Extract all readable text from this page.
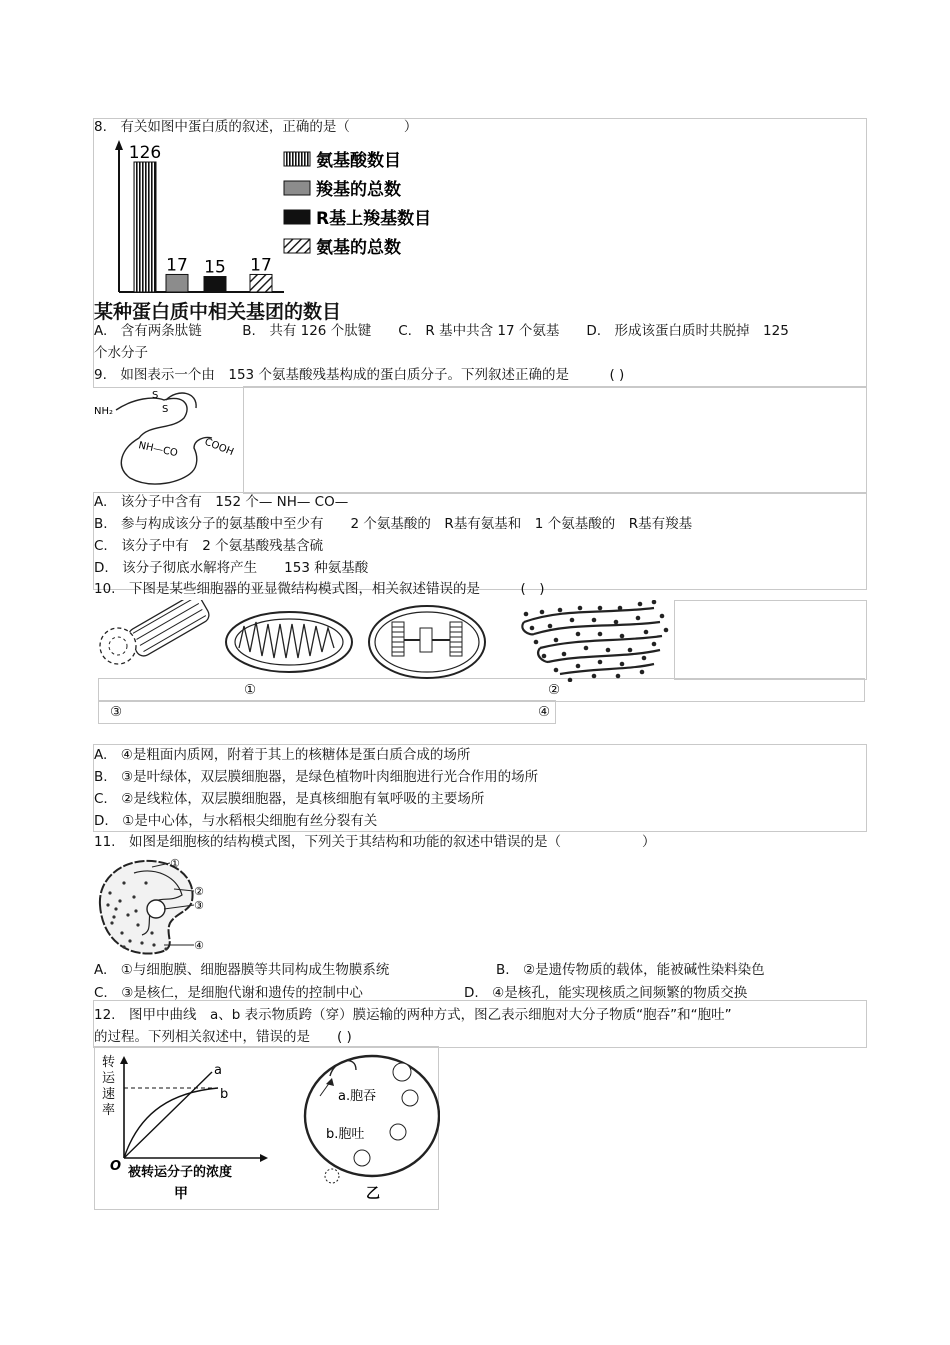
8.　有关如图中蛋白质的叙述，正确的是（　　　　）
126
17 15 17
氨基酸数目
羧基的总数
R基上羧基数目
氨基的总数
某种蛋白质中相关基团的数目
A.　含有两条肽链　　　B.　共有 126 个肽键　　C.　R 基中共含 17 个氨基　　D.　形成该蛋白质时共脱掉　125
个水分子
9.　如图表示一个由　153 个氨基酸残基构成的蛋白质分子。下列叙述正确的是　　　( )
NH₂
S
S
NH—CO COOH
A.　该分子中含有　152 个— NH— CO—
B.　参与构成该分子的氨基酸中至少有　　2 个氨基酸的　R基有氨基和　1 个氨基酸的　R基有羧基
C.　该分子中有　2 个氨基酸残基含硫
D.　该分子彻底水解将产生　　153 种氨基酸
10.　下图是某些细胞器的亚显微结构模式图，相关叙述错误的是　　　(　)
①	②
③	④
A.　④是粗面内质网，附着于其上的核糖体是蛋白质合成的场所
B.　③是叶绿体，双层膜细胞器，是绿色植物叶肉细胞进行光合作用的场所
C.　②是线粒体，双层膜细胞器，是真核细胞有氧呼吸的主要场所
D.　①是中心体，与水稻根尖细胞有丝分裂有关
11.　如图是细胞核的结构模式图，下列关于其结构和功能的叙述中错误的是（　　　　　　）
①
②
③
④
A.　①与细胞膜、细胞器膜等共同构成生物膜系统	B.　②是遗传物质的载体，能被碱性染料染色
C.　③是核仁，是细胞代谢和遗传的控制中心	D.　④是核孔，能实现核质之间频繁的物质交换
12.　图甲中曲线　a、b 表示物质跨（穿）膜运输的两种方式，图乙表示细胞对大分子物质“胞吞”和“胞吐”
的过程。下列相关叙述中，错误的是　　( )
转
运
速
率
O
a
b
被转运分子的浓度
甲
a.胞吞
b.胞吐
乙
